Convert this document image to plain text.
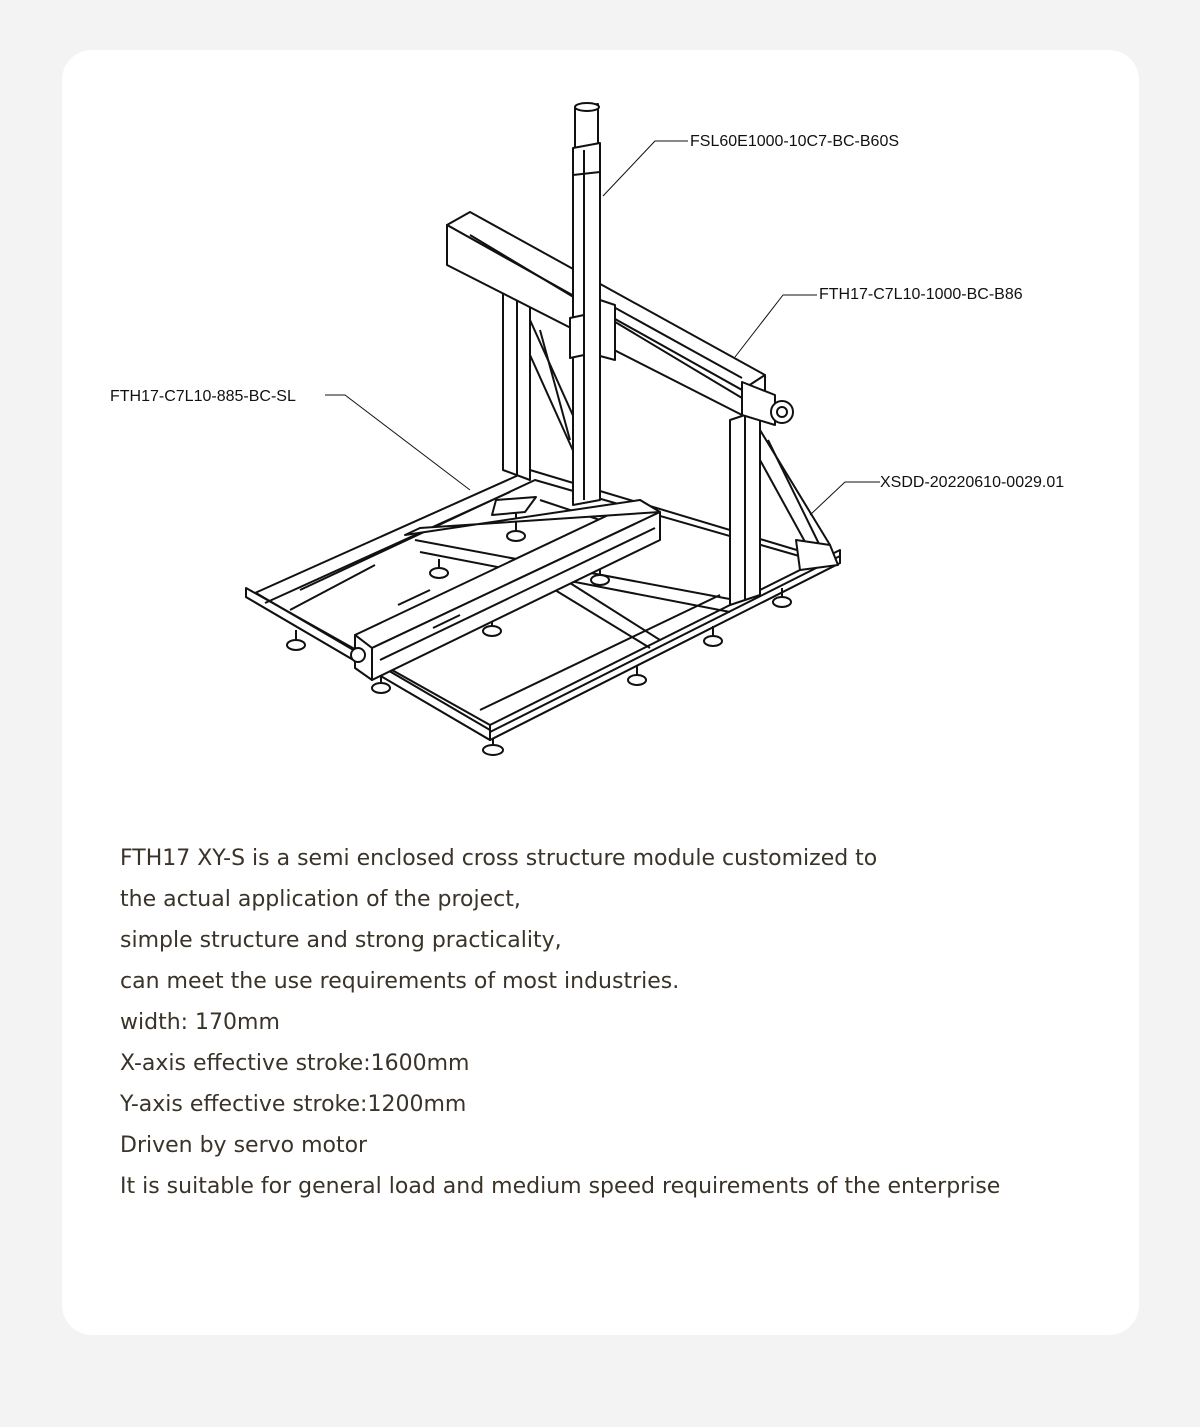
FSL60E1000-10C7-BC-B60S
FTH17-C7L10-1000-BC-B86
FTH17-C7L10-885-BC-SL
XSDD-20220610-0029.01
FTH17 XY-S is a semi enclosed cross structure module customized to
the actual application of the project,
simple structure and strong practicality,
can meet the use requirements of most industries.
width: 170mm
X-axis effective stroke:1600mm
Y-axis effective stroke:1200mm
Driven by servo motor
It is suitable for general load and medium speed requirements of the enterprise
